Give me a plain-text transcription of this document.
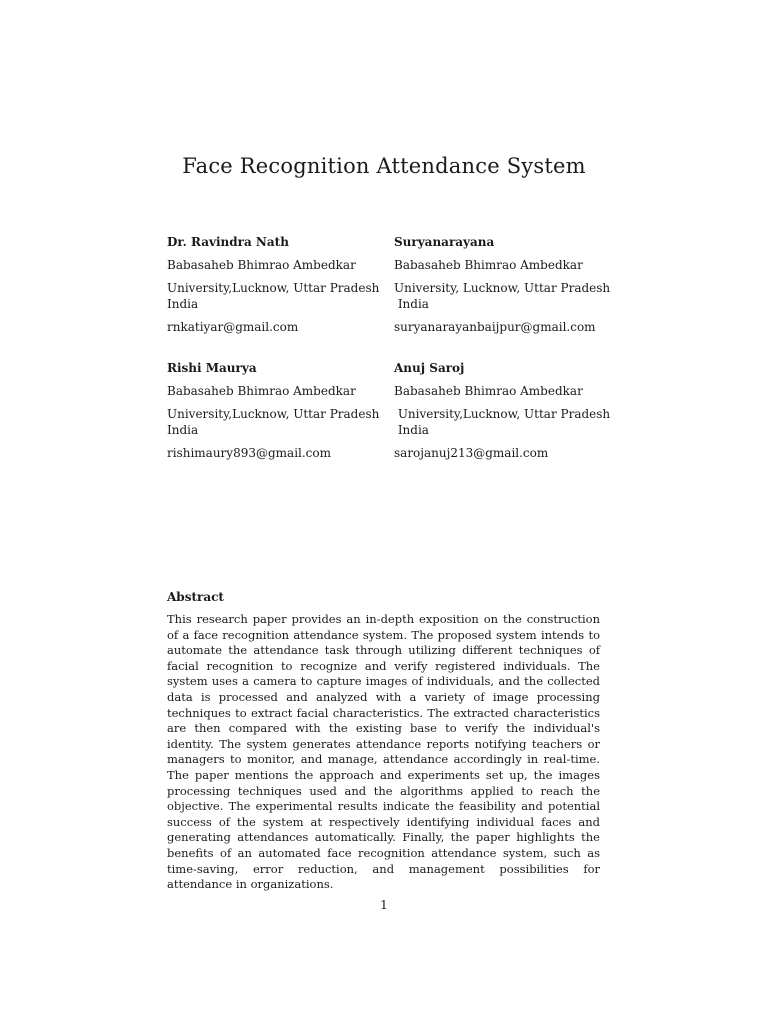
Face Recognition Attendance System
Dr. Ravindra Nath
Babasaheb Bhimrao Ambedkar
University,Lucknow, Uttar Pradesh
India
rnkatiyar@gmail.com
Suryanarayana
Babasaheb Bhimrao Ambedkar
University, Lucknow, Uttar Pradesh
India
suryanarayanbaijpur@gmail.com
Rishi Maurya
Babasaheb Bhimrao Ambedkar
University,Lucknow, Uttar Pradesh
India
rishimaury893@gmail.com
Anuj Saroj
Babasaheb Bhimrao Ambedkar
University,Lucknow, Uttar Pradesh
India
sarojanuj213@gmail.com
Abstract
This research paper provides an in-depth exposition on the construction of a face recognition attendance system. The proposed system intends to automate the attendance task through utilizing different techniques of facial recognition to recognize and verify registered individuals. The system uses a camera to capture images of individuals, and the collected data is processed and analyzed with a variety of image processing techniques to extract facial characteristics. The extracted characteristics are then compared with the existing base to verify the individual's identity. The system generates attendance reports notifying teachers or managers to monitor, and manage, attendance accordingly in real-time. The paper mentions the approach and experiments set up, the images processing techniques used and the algorithms applied to reach the objective. The experimental results indicate the feasibility and potential success of the system at respectively identifying individual faces and generating attendances automatically. Finally, the paper highlights the benefits of an automated face recognition attendance system, such as time-saving, error reduction, and management possibilities for attendance in organizations.
1
